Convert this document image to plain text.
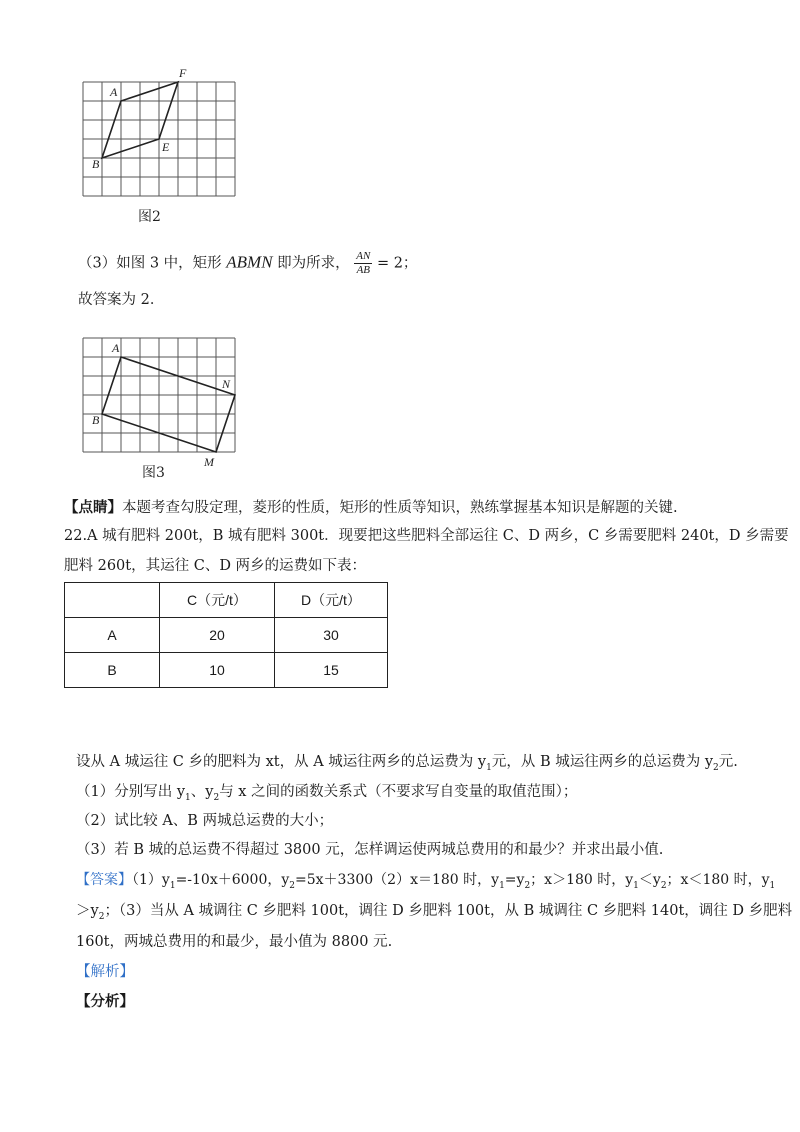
A
F
E
B
图2
（3）如图 3 中，矩形 ABMN 即为所求， $\frac{AN}{AB} = 2$；
故答案为 2．
A
N
B
M
图3
【点睛】本题考查勾股定理，菱形的性质，矩形的性质等知识，熟练掌握基本知识是解题的关键.
22.A 城有肥料 200t，B 城有肥料 300t．现要把这些肥料全部运往 C、D 两乡，C 乡需要肥料 240t，D 乡需要
肥料 260t，其运往 C、D 两乡的运费如下表：
	C（元/t）	D（元/t）
A	20	30
B	10	15
设从 A 城运往 C 乡的肥料为 xt，从 A 城运往两乡的总运费为 $y_1$元，从 B 城运往两乡的总运费为 $y_2$元.
（1）分别写出 $y_1$、$y_2$与 x 之间的函数关系式（不要求写自变量的取值范围）；
（2）试比较 A、B 两城总运费的大小；
（3）若 B 城的总运费不得超过 3800 元，怎样调运使两城总费用的和最少？并求出最小值.
【答案】$(1)y_1=-10x+6000$，$y_2=5x+3300(2)x=180$ 时，$y_1=y_2$；x＞180 时，$y_1<y_2$；x＜180 时，$y_1$
$>y_2$；（3）当从 A 城调往 C 乡肥料 100t，调往 D 乡肥料 100t，从 B 城调往 C 乡肥料 140t，调往 D 乡肥料
160t，两城总费用的和最少，最小值为 8800 元.
【解析】
【分析】
